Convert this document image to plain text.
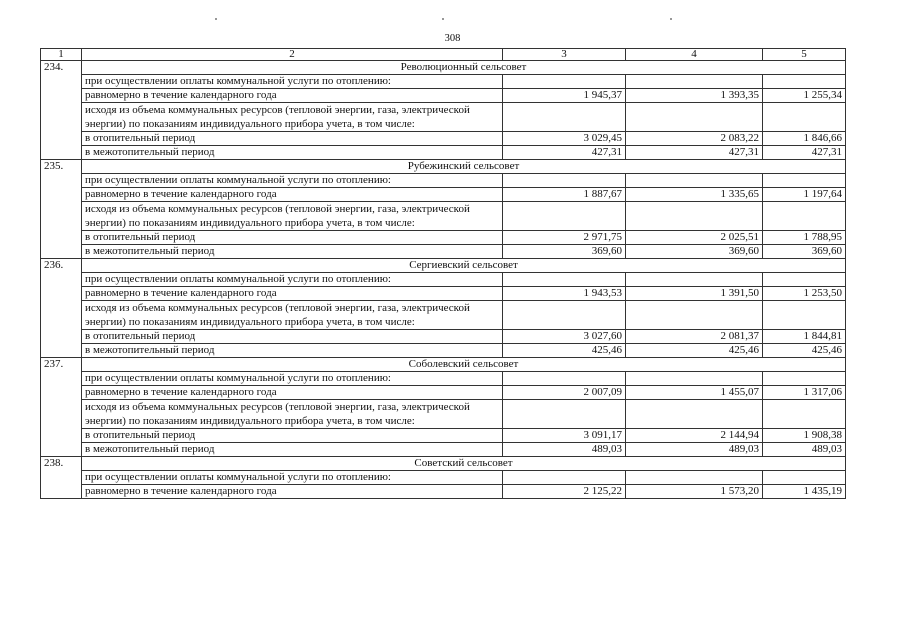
308
1	2	3	4	5
234.	Революционный сельсовет			
	при осуществлении оплаты коммунальной услуги по отоплению:			
	равномерно в течение календарного года	1 945,37	1 393,35	1 255,34
	исходя из объема коммунальных ресурсов (тепловой энергии, газа, электрической энергии) по показаниям индивидуального прибора учета, в том числе:			
	в отопительный период	3 029,45	2 083,22	1 846,66
	в межотопительный период	427,31	427,31	427,31
235.	Рубежинский сельсовет			
	при осуществлении оплаты коммунальной услуги по отоплению:			
	равномерно в течение календарного года	1 887,67	1 335,65	1 197,64
	исходя из объема коммунальных ресурсов (тепловой энергии, газа, электрической энергии) по показаниям индивидуального прибора учета, в том числе:			
	в отопительный период	2 971,75	2 025,51	1 788,95
	в межотопительный период	369,60	369,60	369,60
236.	Сергиевский сельсовет			
	при осуществлении оплаты коммунальной услуги по отоплению:			
	равномерно в течение календарного года	1 943,53	1 391,50	1 253,50
	исходя из объема коммунальных ресурсов (тепловой энергии, газа, электрической энергии) по показаниям индивидуального прибора учета, в том числе:			
	в отопительный период	3 027,60	2 081,37	1 844,81
	в межотопительный период	425,46	425,46	425,46
237.	Соболевский сельсовет			
	при осуществлении оплаты коммунальной услуги по отоплению:			
	равномерно в течение календарного года	2 007,09	1 455,07	1 317,06
	исходя из объема коммунальных ресурсов (тепловой энергии, газа, электрической энергии) по показаниям индивидуального прибора учета, в том числе:			
	в отопительный период	3 091,17	2 144,94	1 908,38
	в межотопительный период	489,03	489,03	489,03
238.	Советский сельсовет			
	при осуществлении оплаты коммунальной услуги по отоплению:			
	равномерно в течение календарного года	2 125,22	1 573,20	1 435,19
